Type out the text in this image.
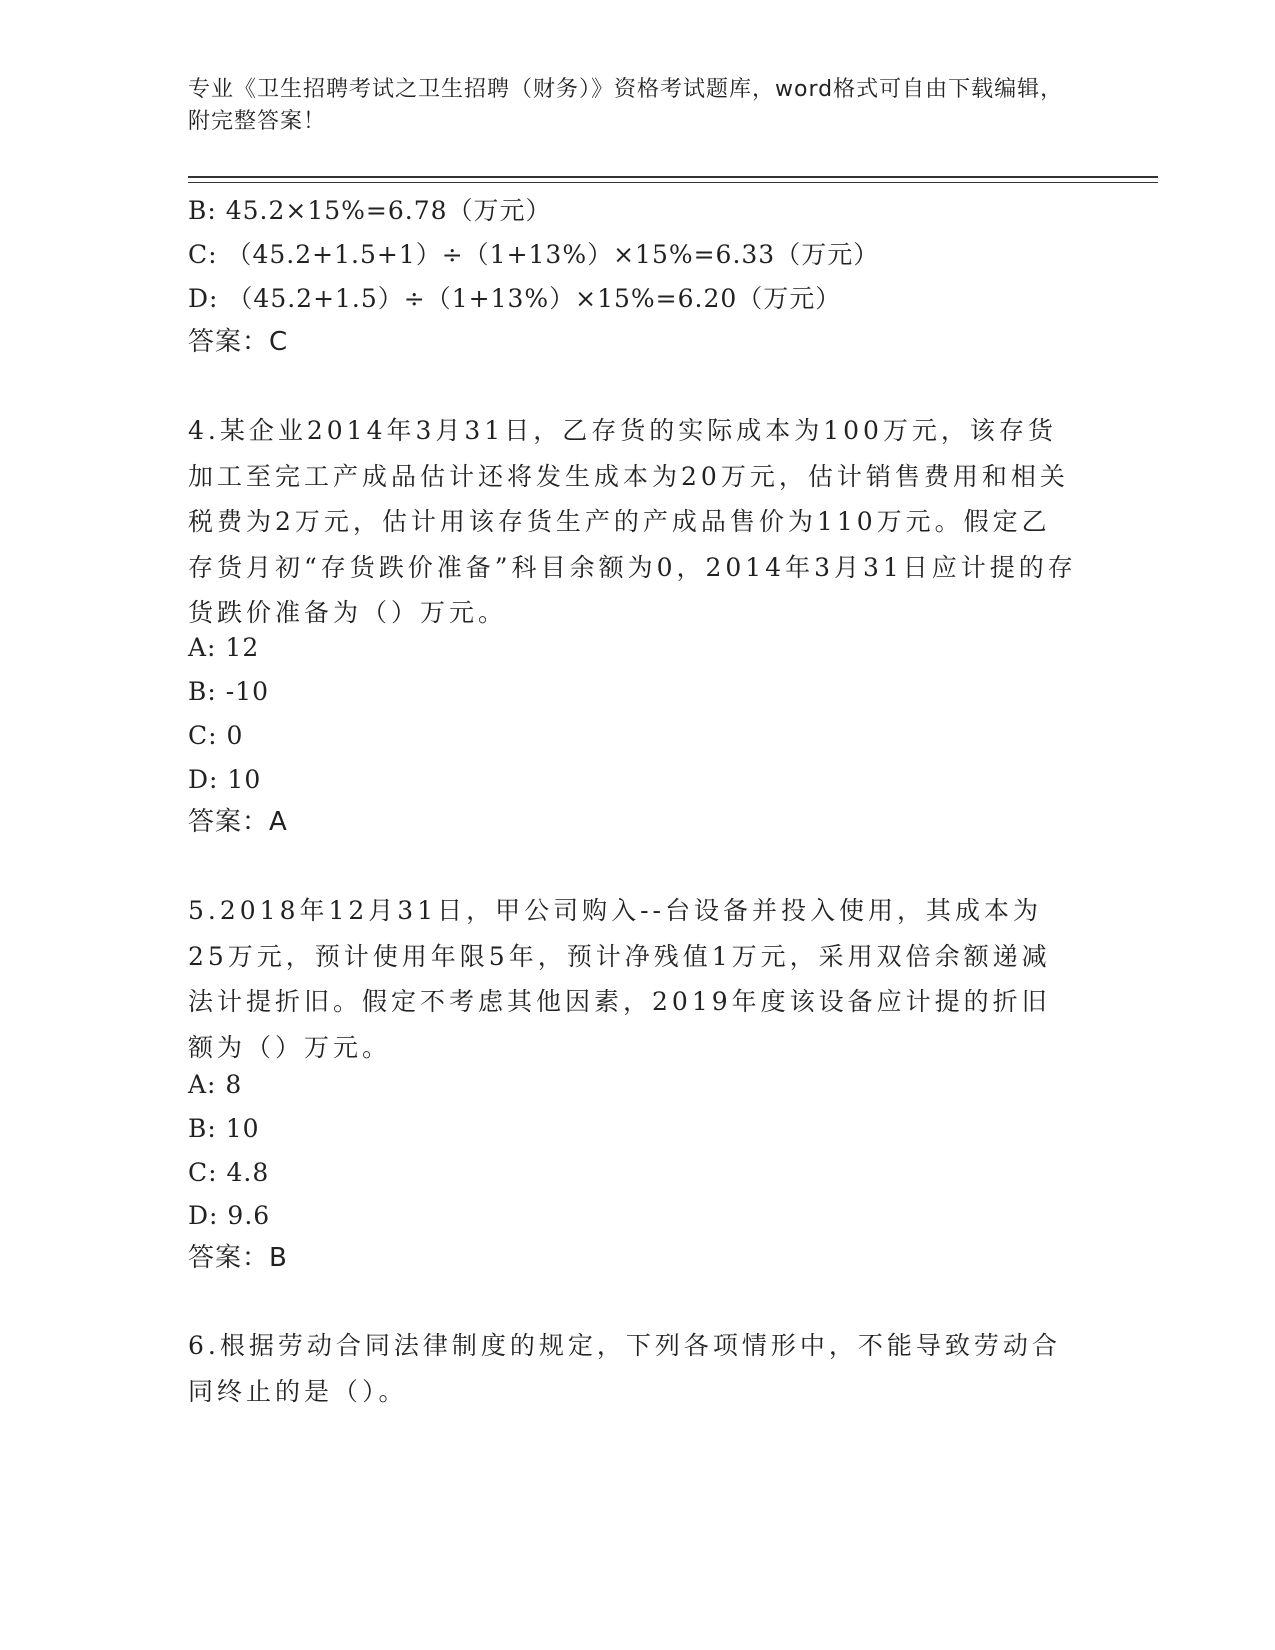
专业《卫生招聘考试之卫生招聘（财务）》资格考试题库，word格式可自由下载编辑，附完整答案！
B: 45.2×15%=6.78（万元）
C: （45.2+1.5+1）÷（1+13%）×15%=6.33（万元）
D: （45.2+1.5）÷（1+13%）×15%=6.20（万元）
答案：C
4.某企业2014年3月31日，乙存货的实际成本为100万元，该存货加工至完工产成品估计还将发生成本为20万元，估计销售费用和相关税费为2万元，估计用该存货生产的产成品售价为110万元。假定乙存货月初“存货跌价准备”科目余额为0，2014年3月31日应计提的存货跌价准备为（）万元。
A: 12
B: -10
C: 0
D: 10
答案：A
5.2018年12月31日，甲公司购入--台设备并投入使用，其成本为25万元，预计使用年限5年，预计净残值1万元，采用双倍余额递减法计提折旧。假定不考虑其他因素，2019年度该设备应计提的折旧额为（）万元。
A: 8
B: 10
C: 4.8
D: 9.6
答案：B
6.根据劳动合同法律制度的规定，下列各项情形中，不能导致劳动合同终止的是（）。
